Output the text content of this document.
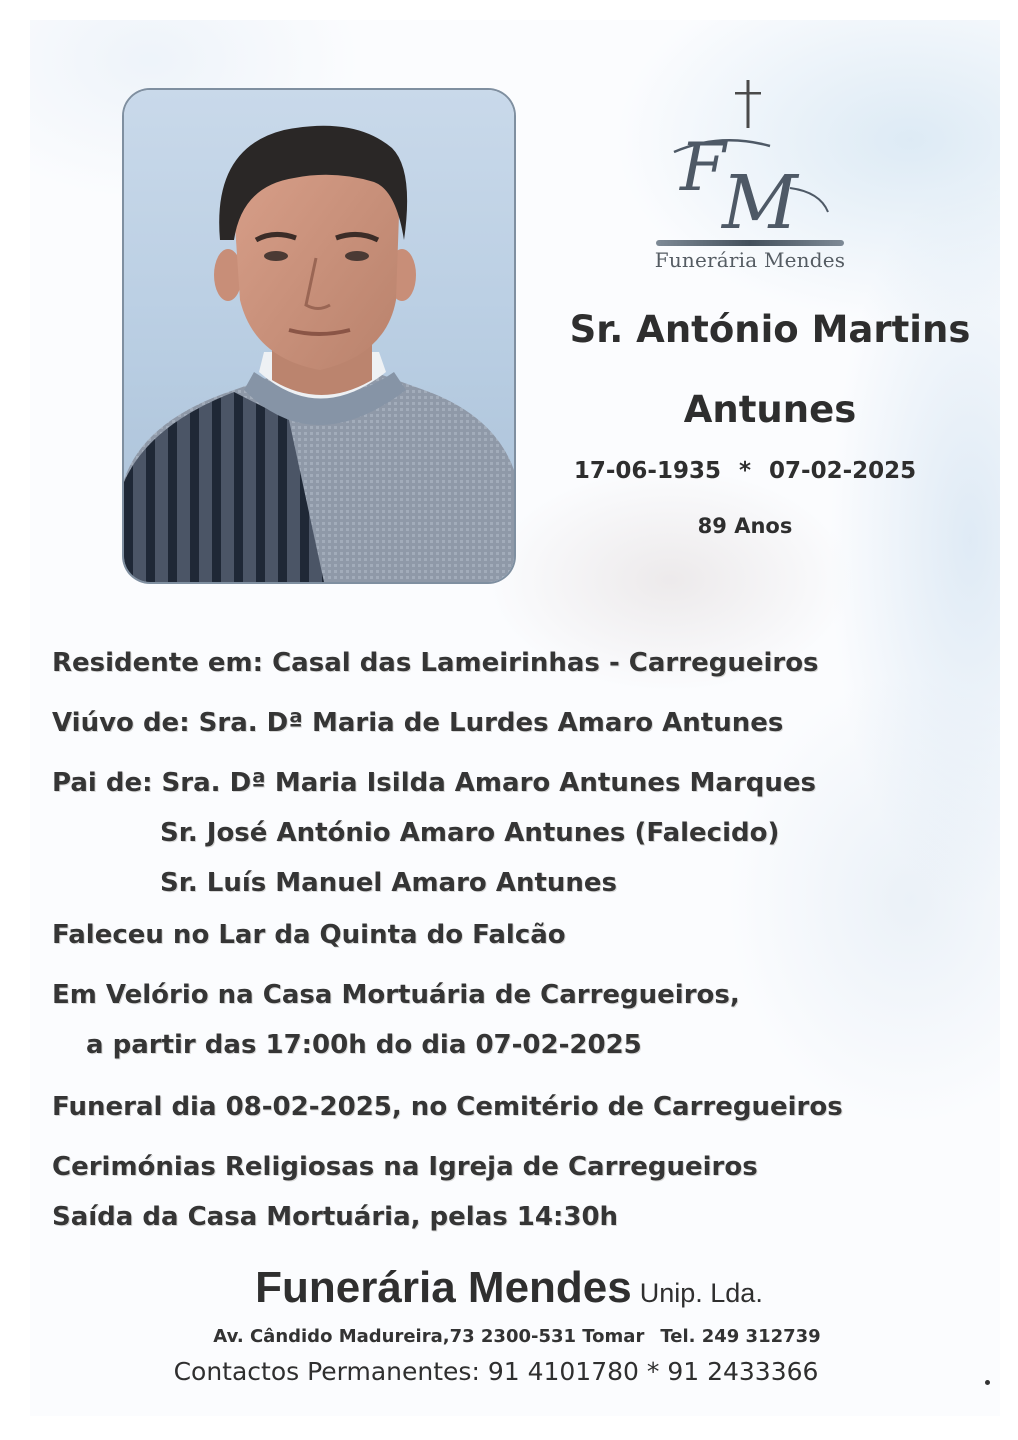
F
M
Funerária Mendes
Sr. António Martins
Antunes
17-06-1935 * 07-02-2025
89 Anos
Residente em: Casal das Lameirinhas - Carregueiros
Viúvo de: Sra. Dª Maria de Lurdes Amaro Antunes
Pai de: Sra. Dª Maria Isilda Amaro Antunes Marques
Sr. José António Amaro Antunes (Falecido)
Sr. Luís Manuel Amaro Antunes
Faleceu no Lar da Quinta do Falcão
Em Velório na Casa Mortuária de Carregueiros,
a partir das 17:00h do dia 07-02-2025
Funeral dia 08-02-2025, no Cemitério de Carregueiros
Cerimónias Religiosas na Igreja de Carregueiros
Saída da Casa Mortuária, pelas 14:30h
Funerária Mendes Unip. Lda.
Av. Cândido Madureira,73 2300-531 Tomar Tel. 249 312739
Contactos Permanentes: 91 4101780 * 91 2433366
